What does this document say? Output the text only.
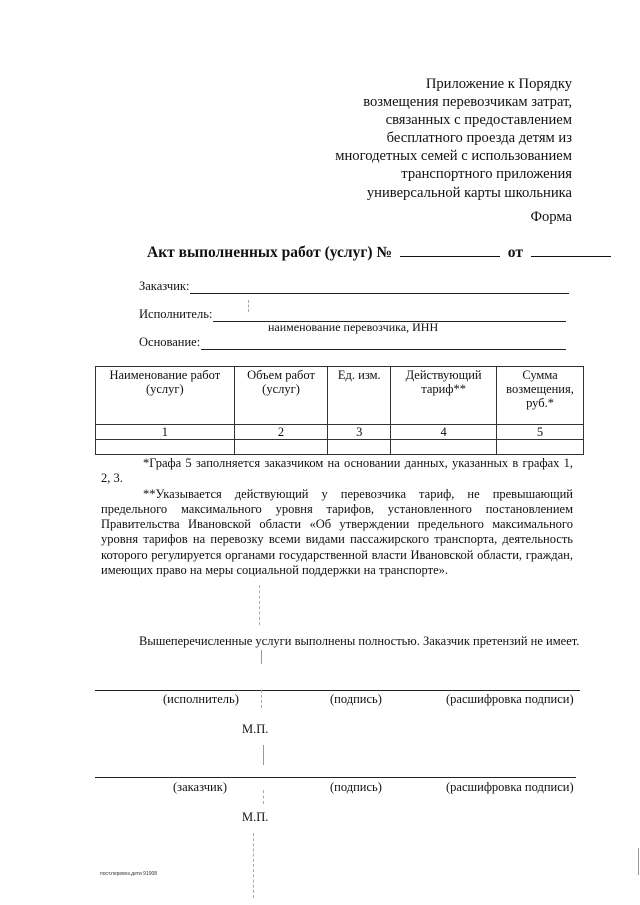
Приложение к Порядку
возмещения перевозчикам затрат,
связанных с предоставлением
бесплатного проезда детям из
многодетных семей с использованием
транспортного приложения
универсальной карты школьника
Форма
Акт выполненных работ (услуг) №	от
Заказчик:
Исполнитель:
наименование перевозчика, ИНН
Основание:
Наименование работ (услуг)	Объем работ (услуг)	Ед. изм.	Действующий тариф**	Сумма возмещения, руб.*
1	2	3	4	5

*Графа 5 заполняется заказчиком на основании данных, указанных в графах 1, 2, 3.

**Указывается действующий у перевозчика тариф, не превышающий предельного максимального уровня тарифов, установленного постановлением Правительства Ивановской области «Об утверждении предельного максимального уровня тарифов на перевозку всеми видами пассажирского транспорта, деятельность которого регулируется органами государственной власти Ивановской области, граждан, имеющих право на меры социальной поддержки на транспорте».

Вышеперечисленные услуги выполнены полностью. Заказчик претензий не имеет.
(исполнитель)	(подпись)	(расшифровка подписи)
М.П.
(заказчик)	(подпись)	(расшифровка подписи)
М.П.
пост.перевоз.дети 91908
